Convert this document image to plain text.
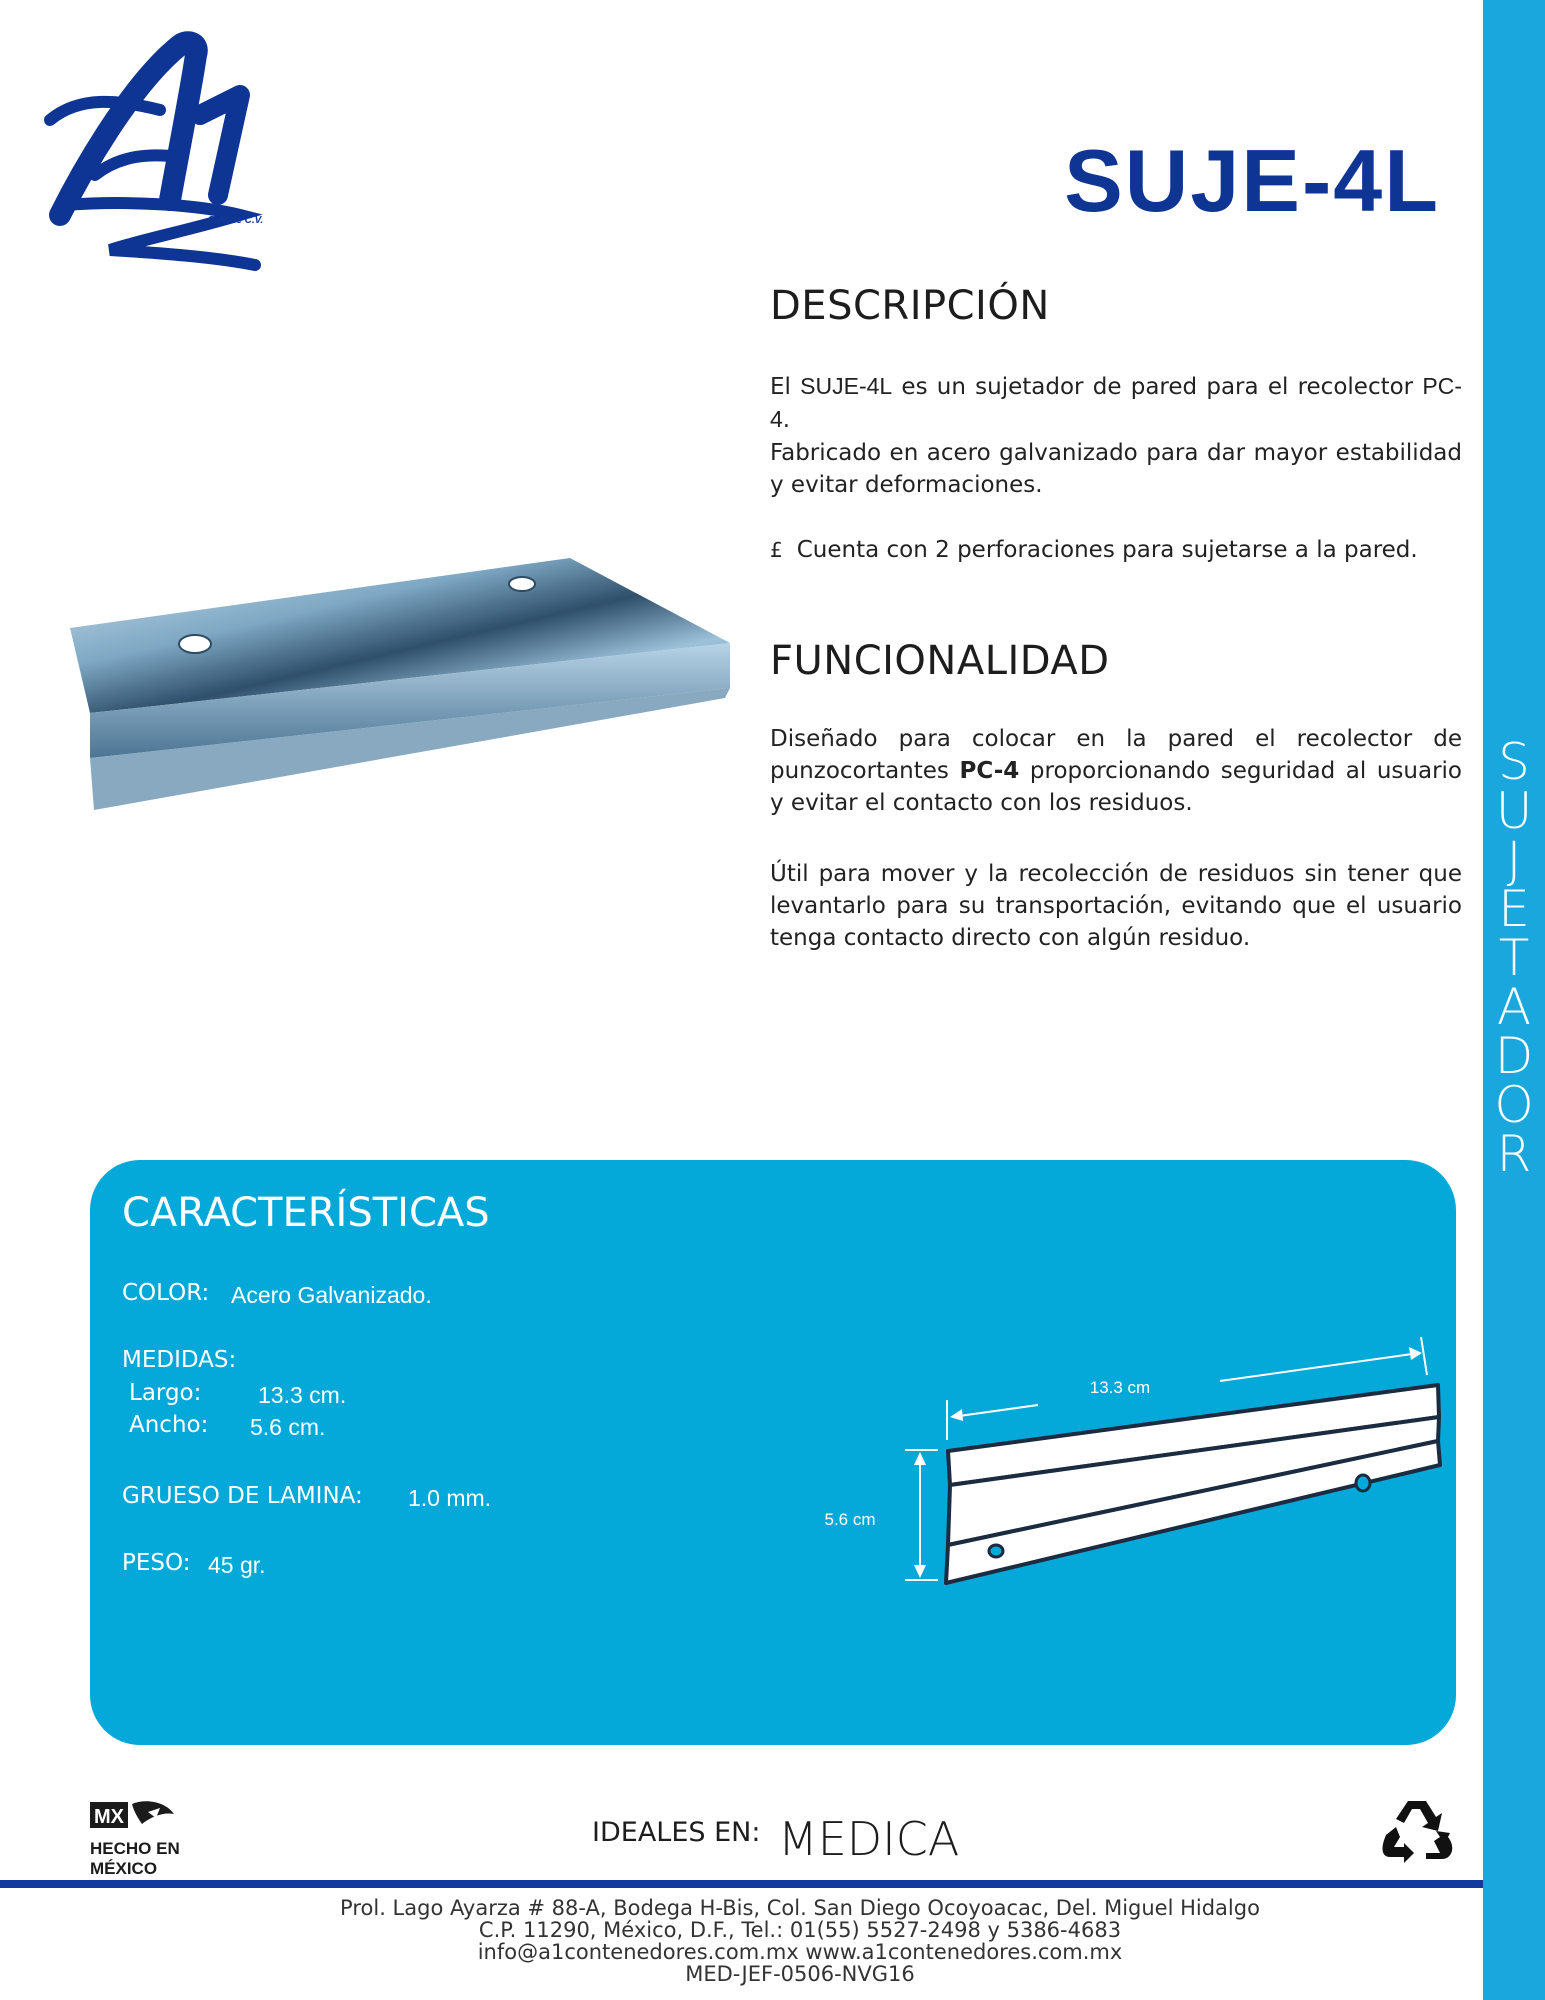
S
U
J
E
T
A
D
O
R
S.A. de C.V.	SUJE-4L
DESCRIPCIÓN
El SUJE-4L es un sujetador de pared para el recolector PC-4.
Fabricado en acero galvanizado para dar mayor estabilidad y evitar deformaciones.
£ Cuenta con 2 perforaciones para sujetarse a la pared.
FUNCIONALIDAD
Diseñado para colocar en la pared el recolector de punzocortantes PC-4 proporcionando seguridad al usuario y evitar el contacto con los residuos.
Útil para mover y la recolección de residuos sin tener que levantarlo para su transportación, evitando que el usuario tenga contacto directo con algún residuo.
CARACTERÍSTICAS
COLOR: Acero Galvanizado.
MEDIDAS:
Largo: 13.3 cm.
Ancho: 5.6 cm.
GRUESO DE LAMINA: 1.0 mm.
PESO: 45 gr.
13.3 cm
5.6 cm
MX
HECHO EN
MÉXICO
IDEALES EN: MEDICA
Prol. Lago Ayarza # 88-A, Bodega H-Bis, Col. San Diego Ocoyoacac, Del. Miguel Hidalgo
C.P. 11290, México, D.F., Tel.: 01(55) 5527-2498 y 5386-4683
info@a1contenedores.com.mx www.a1contenedores.com.mx
MED-JEF-0506-NVG16
